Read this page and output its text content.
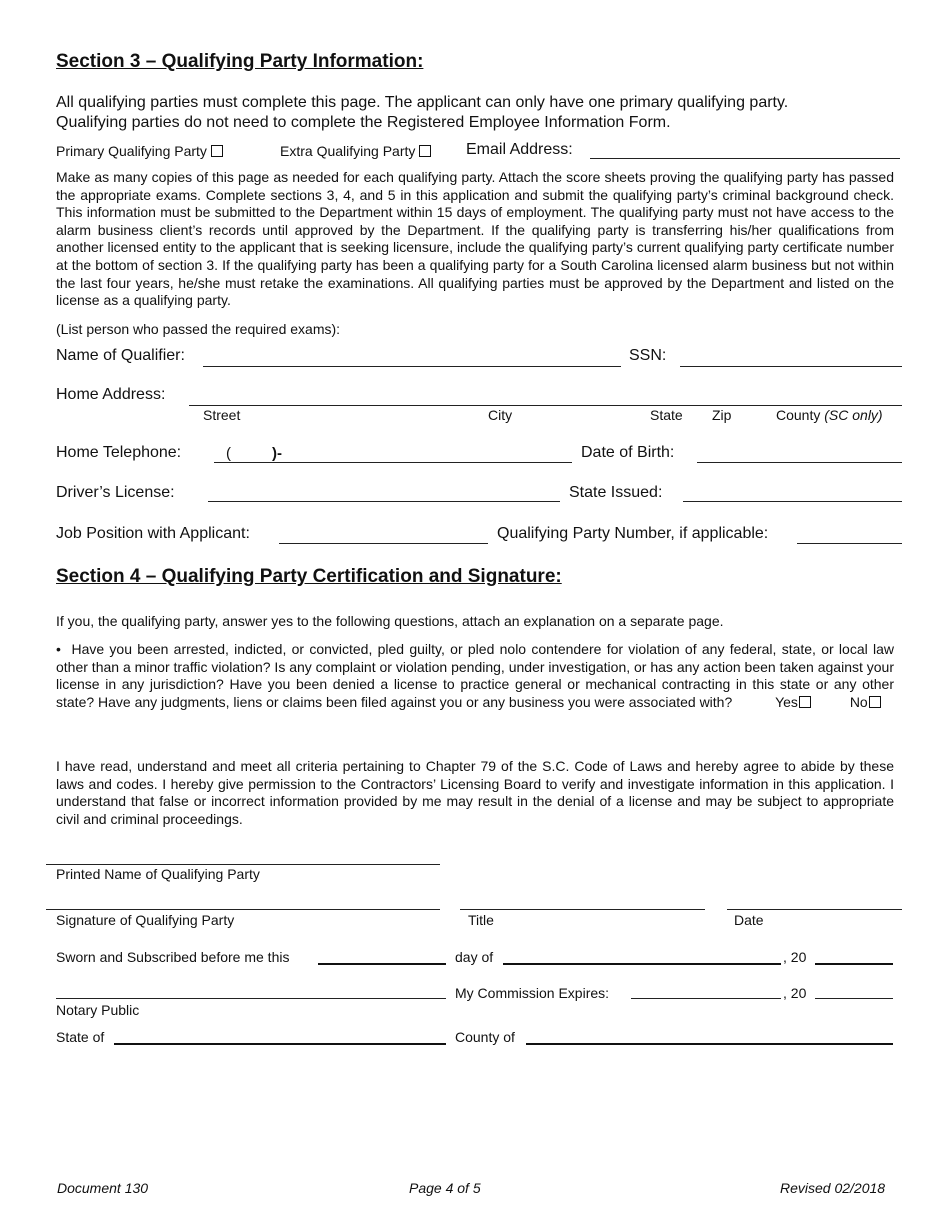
Section 3 – Qualifying Party Information:
All qualifying parties must complete this page. The applicant can only have one primary qualifying party.
Qualifying parties do not need to complete the Registered Employee Information Form.
Primary Qualifying Party	Extra Qualifying Party	Email Address:
Make as many copies of this page as needed for each qualifying party. Attach the score sheets proving the qualifying party has passed the appropriate exams. Complete sections 3, 4, and 5 in this application and submit the qualifying party’s criminal background check. This information must be submitted to the Department within 15 days of employment. The qualifying party must not have access to the alarm business client’s records until approved by the Department. If the qualifying party is transferring his/her qualifications from another licensed entity to the applicant that is seeking licensure, include the qualifying party’s current qualifying party certificate number at the bottom of section 3. If the qualifying party has been a qualifying party for a South Carolina licensed alarm business but not within the last four years, he/she must retake the examinations. All qualifying parties must be approved by the Department and listed on the license as a qualifying party.
(List person who passed the required exams):
Name of Qualifier:	SSN:
Home Address:
Street	City	State Zip	County (SC only)
Home Telephone:	(	)-	Date of Birth:
Driver’s License:	State Issued:
Job Position with Applicant:	Qualifying Party Number, if applicable:
Section 4 – Qualifying Party Certification and Signature:
If you, the qualifying party, answer yes to the following questions, attach an explanation on a separate page.
• Have you been arrested, indicted, or convicted, pled guilty, or pled nolo contendere for violation of any federal, state, or local law other than a minor traffic violation? Is any complaint or violation pending, under investigation, or has any action been taken against your license in any jurisdiction? Have you been denied a license to practice general or mechanical contracting in this state or any other state? Have any judgments, liens or claims been filed against you or any business you were associated with?	Yes	No
I have read, understand and meet all criteria pertaining to Chapter 79 of the S.C. Code of Laws and hereby agree to abide by these laws and codes. I hereby give permission to the Contractors’ Licensing Board to verify and investigate information in this application. I understand that false or incorrect information provided by me may result in the denial of a license and may be subject to appropriate civil and criminal proceedings.
Printed Name of Qualifying Party
Signature of Qualifying Party	Title	Date
Sworn and Subscribed before me this	day of	, 20
My Commission Expires:	, 20
Notary Public
State of	County of
Document 130	Page 4 of 5	Revised 02/2018
